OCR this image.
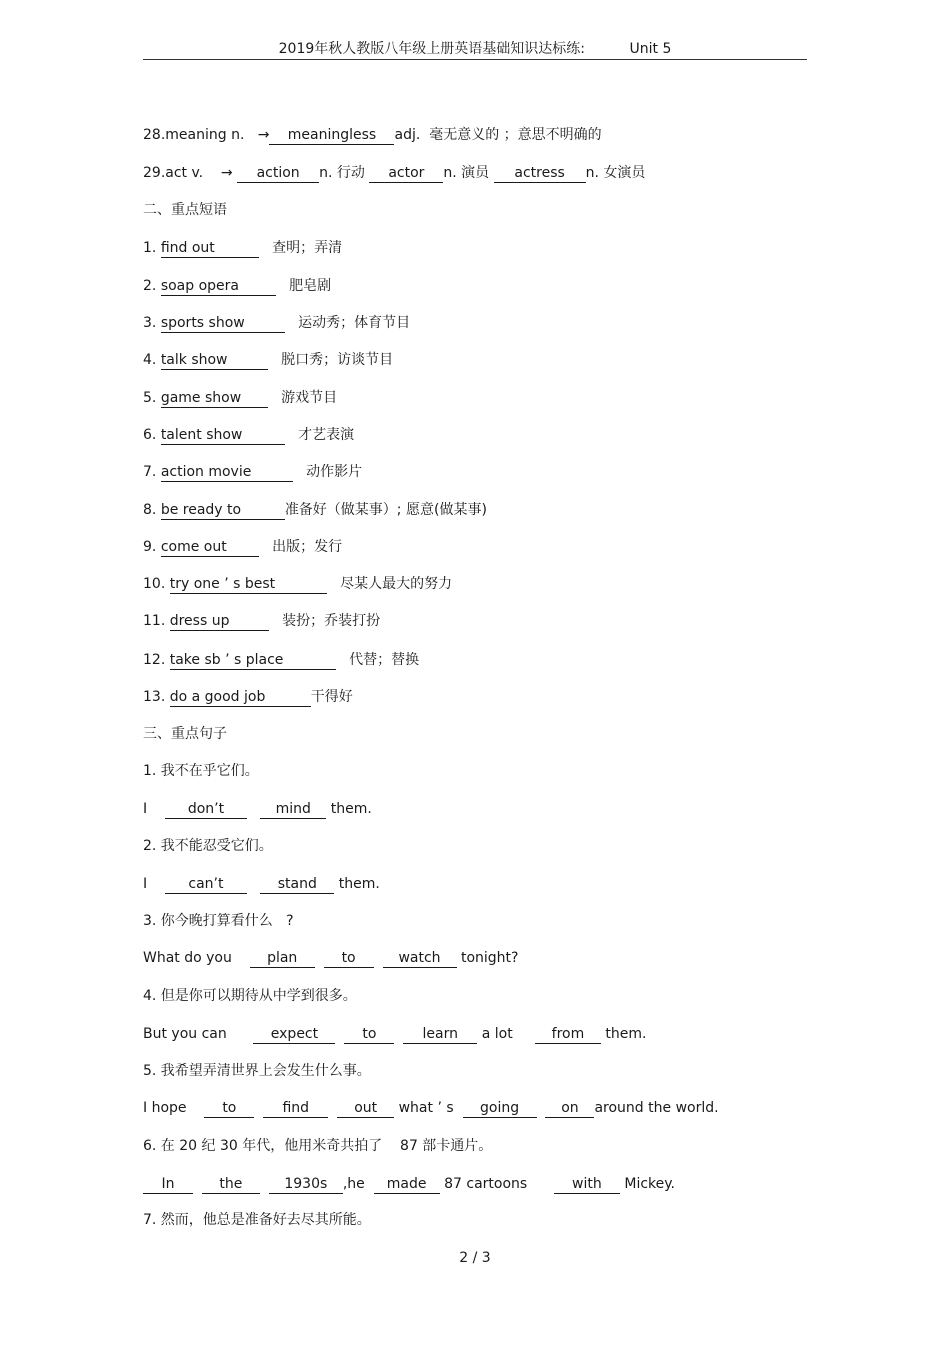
2019年秋人教版八年级上册英语基础知识达标练:	Unit 5
28.meaning n.   → meaningless adj.  毫无意义的 ；意思不明确的
29.act v.    → action n. 行动 actor n. 演员 actress n. 女演员
二、重点短语
1. find out	查明；弄清
2. soap opera	肥皂剧
3. sports show	运动秀；体育节目
4. talk show	脱口秀；访谈节目
5. game show	游戏节目
6. talent show	才艺表演
7. action movie	动作影片
8. be ready to	准备好（做某事）; 愿意(做某事)
9. come out	出版；发行
10. try one ’ s best	尽某人最大的努力
11. dress up	装扮；乔装打扮
12. take sb ’ s place	代替；替换
13. do a good job	干得好
三、重点句子
1. 我不在乎它们。
I	don’t	mind them.
2. 我不能忍受它们。
I	can’t	stand them.
3. 你今晚打算看什么   ?
What do you	plan	to	watch tonight?
4. 但是你可以期待从中学到很多。
But you can	expect	to	learn a lot	from them.
5. 我希望弄清世界上会发生什么事。
I hope	to	find	out what ’ s going	on around the world.
6. 在 20 纪 30 年代，他用米奇共拍了    87 部卡通片。
In	the	1930s ,he made 87 cartoons	with Mickey.
7. 然而，他总是准备好去尽其所能。
2 / 3
